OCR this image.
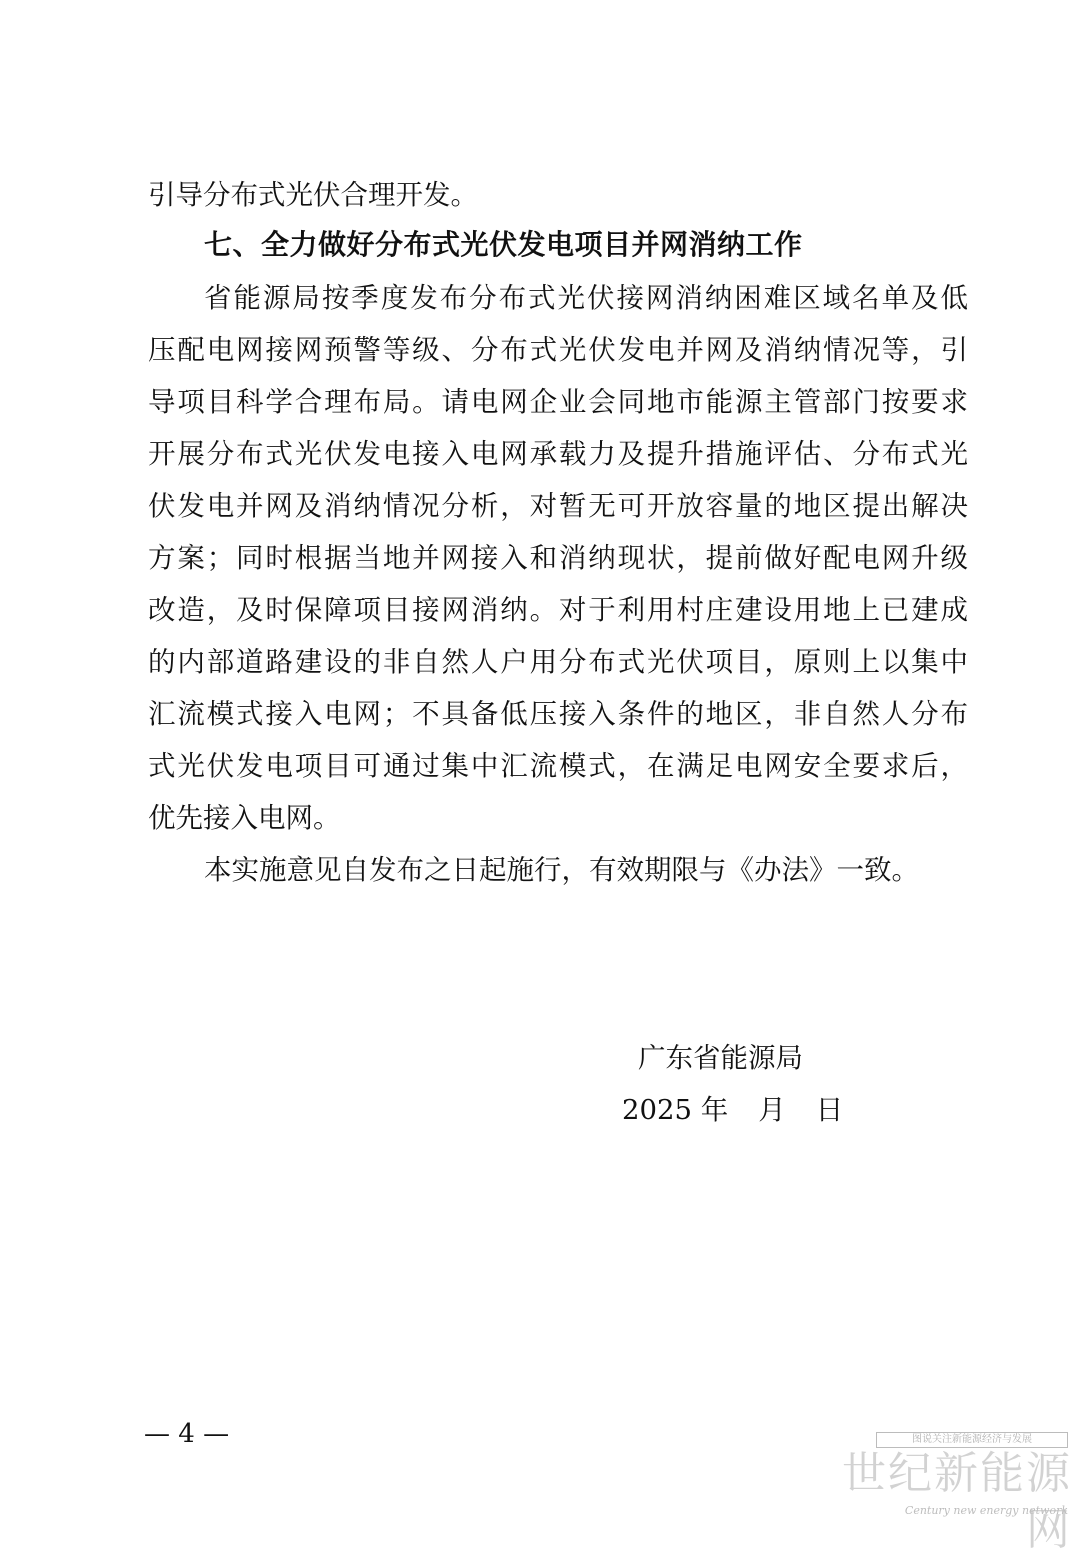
引导分布式光伏合理开发。
七、全力做好分布式光伏发电项目并网消纳工作
省能源局按季度发布分布式光伏接网消纳困难区域名单及低
压配电网接网预警等级、分布式光伏发电并网及消纳情况等，引
导项目科学合理布局。请电网企业会同地市能源主管部门按要求
开展分布式光伏发电接入电网承载力及提升措施评估、分布式光
伏发电并网及消纳情况分析，对暂无可开放容量的地区提出解决
方案；同时根据当地并网接入和消纳现状，提前做好配电网升级
改造，及时保障项目接网消纳。对于利用村庄建设用地上已建成
的内部道路建设的非自然人户用分布式光伏项目，原则上以集中
汇流模式接入电网；不具备低压接入条件的地区，非自然人分布
式光伏发电项目可通过集中汇流模式，在满足电网安全要求后，
优先接入电网。
本实施意见自发布之日起施行，有效期限与《办法》一致。
广东省能源局
2025 年 月 日
— 4 —	图说关注新能源经济与发展
世纪新能源网
Century new energy network
